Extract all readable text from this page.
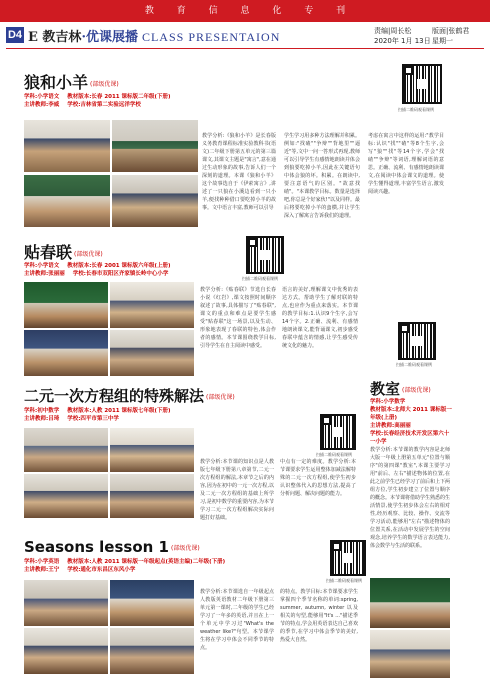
教	育	信	息	化	专	刊
D4 E 教吉林·优课展播 CLASS PRESENTAION	责编|周长松	版面|张鹤君
2020年 1月 13日 星期一
狼和小羊 (部级优课)
学科:小学语文 教材版本:长春 2011 课标版二年级(下册)
主讲教师:李威 学校:吉林省第二实验远洋学校
扫描二维码观看课例
教学分析:《狼和小羊》是长春版义务教育课程标准实验教科书(语文)二年级下册第五单元的第三篇课文,其课文主题是"寓言",意在通过生动形象的故事,告诉人们一个深刻的道理。本课《狼和小羊》这个故事选自于《伊索寓言》,讲述了一只狼在小溪边看到一只小羊,便找种种借口要吃掉小羊的故事。文中语言丰富,教师可以引导
学生学习用多种方法理解并积累。例如:"找碴""争辩""背地里""逼近"等,文中一问一答形式再现,教师可以引导学生有感情地朗读并体会到狼要吃掉小羊,因此在关键语句中体会狼的坏。积累。在朗读中,要注意语气的区别。"故意找碴"。"本课教学目标。数量是选择吧,你总是个好家伙!"以及同样。最后将要吃掉小羊的蛮横,并让学生深入了解寓言告诉我们的道理。
考虑在寓言中这样的运用:"教学目标:认识"找""碴"等8个生字,会写"狼""找"等14个字,学会"找碴""争辩"等词语,理解词语的意思。正确、流利、有感情地朗读课文,在阅读中体会课文的道理。使学生懂得道理,丰富学生语言,激发阅读兴趣。
贴春联 (部级优课)
学科:小学语文 教材版本:长春 2001 课标版六年级(上册)
主讲教师:张丽丽 学校:长春市双阳区齐家镇长岭中心小学
扫描二维码观看课例
教学分析:《贴春联》节选自长春小说《红岩》,课文按照时间顺序叙述了故事,具体描写了"贴春联",课文的重点和难点是要学生感受"贴春联"这一场景,以及生动、形象地表现了春联的特色,体会作者的感情。本节课围绕教学目标,引导学生在自主阅读中感受。
语言的美好,理解课文中优秀的表达方式。帮助学生了解对联的特点,也应作为重点来落实。本节课的教学目标:1.认识9个生字,会写14个字。2.正确、流利、有感情地朗读课文,能背诵课文,初步感受春联中蕴含的情感,让学生感受传统文化的魅力。
二元一次方程组的特殊解法 (部级优课)
学科:初中数学 教材版本:人教 2011 课标版七年级(下册)
主讲教师:吕琦 学校:四平市第三中学
扫描二维码观看课例
教学分析:本节课的知识点是人教版七年级下册第八章第节,二元一次方程组的解法,本章节之后的内容,因为在初中的一元一次方程,以及二元一次方程组的基础上所学习,是初中数学的重要内容,为本节学习二元一次方程组解决实际问题打好基础。
中点有一定的难度。教学分析:本节课要求学生运用整体加减法解特殊的二元一次方程组,使学生初步认识整体代入的思想方法,提高了分析问题、解决问题的能力。
扫描二维码观看课例
教室 (部级优课)
学科:小学数学
教材版本:北师大 2011 课标版一年级(上册)
主讲教师:高丽丽
学校:长春经济技术开发区第六十一小学
教学分析:本节课的教学内容是北师大版一年级上册第五单元"位置与顺序"的第四课"教室",本课主要学习用"前后、左右"描述物体的位置,在此之前学生已经学习了前后和上下两组方位,学生初步建立了位置与顺序的概念。本节课将借助学生熟悉的生活情景,使学生初步体会左右的相对性,经历观察、比较、操作、交流等学习活动,能够用"左右"描述物体的位置关系,在活动中发展学生的空间观念,培养学生的数学语言表达能力,体会数学与生活的联系。
Seasons lesson 1 (部级优课)
学科:小学英语 教材版本:人教 2011 课标版一年级起点(英语主编)二年级(下册)
主讲教师:王宁 学校:通化市东昌区东风小学
扫描二维码观看课例
教学分析:本节课选自一年级起点人教版英语教材二年级下册第三单元第一课时,二年级的学生已经学习了一年多的英语,并且在上一个单元中学习过"What's the weather like?"句型。本节课学生将在学习中体会不同季节的特点。
的特点。教学目标:本节课要求学生掌握四个季节名称的单词:spring, summer, autumn, winter 以及相关的句型,能够用"It's ..."描述季节的特点,学会用英语表达自己喜欢的季节,在学习中体会季节的美好,热爱大自然。
